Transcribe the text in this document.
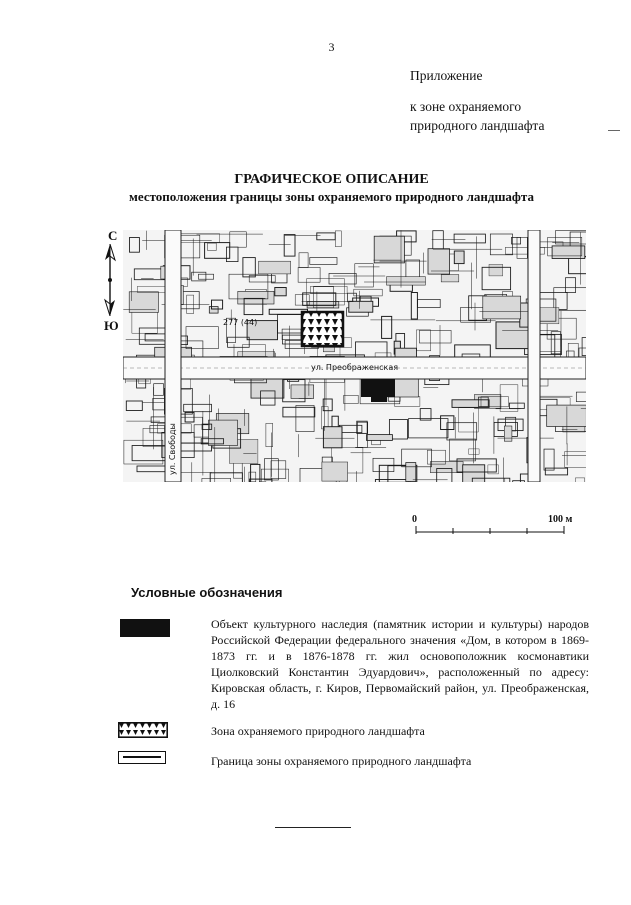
3
Приложение
к зоне охраняемого
природного ландшафта
ГРАФИЧЕСКОЕ ОПИСАНИЕ
местоположения границы зоны охраняемого природного ландшафта
С
Ю
ул. Преображенская
ул. Свободы
277 (44)
0	100 м
Условные обозначения
Объект культурного наследия (памятник истории и культуры) народов Российской Федерации федерального значения «Дом, в котором в 1869-1873 гг. и в 1876-1878 гг. жил основоположник космонавтики Циолковский Константин Эдуардович», расположенный по адресу: Кировская область, г. Киров, Первомайский район, ул. Преображенская, д. 16
Зона охраняемого природного ландшафта
Граница зоны охраняемого природного ландшафта
